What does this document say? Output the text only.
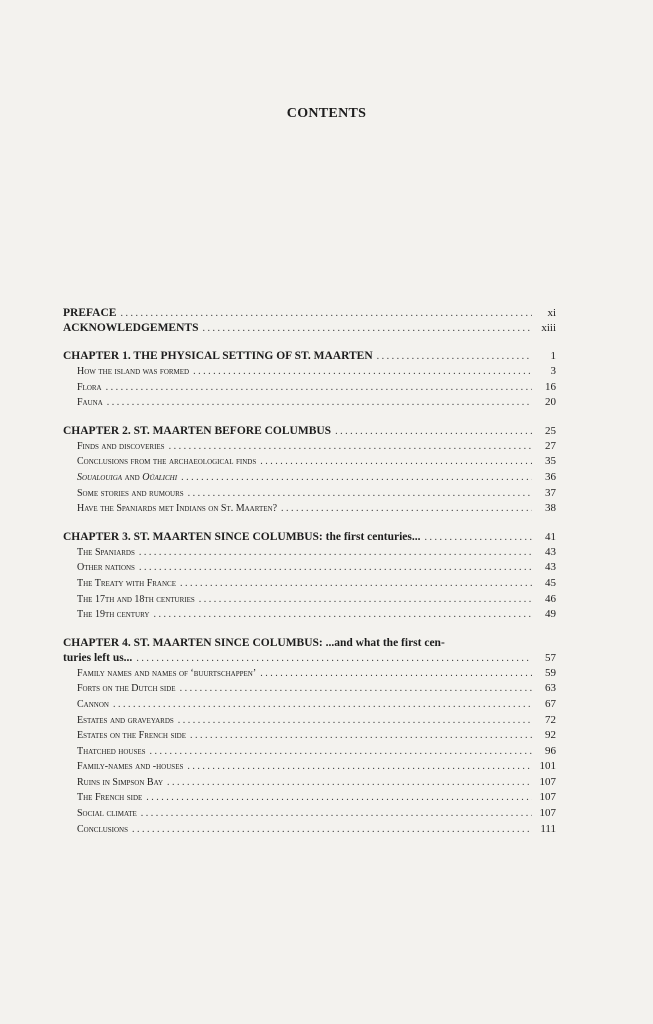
CONTENTS
PREFACE . . .	xi
ACKNOWLEDGEMENTS . . .	xiii
CHAPTER 1. THE PHYSICAL SETTING OF ST. MAARTEN . . .	1
How the island was formed . . .	3
Flora . . .	16
Fauna . . .	20
CHAPTER 2. ST. MAARTEN BEFORE COLUMBUS . . .	25
Finds and discoveries . . .	27
Conclusions from the archaeological finds . . .	35
Soualouiga and Oüalichi . . .	36
Some stories and rumours . . .	37
Have the Spaniards met Indians on St. Maarten? . . .	38
CHAPTER 3. ST. MAARTEN SINCE COLUMBUS: the first centuries... . . .	41
The Spaniards . . .	43
Other nations . . .	43
The Treaty with France . . .	45
The 17th and 18th centuries . . .	46
The 19th century . . .	49
CHAPTER 4. ST. MAARTEN SINCE COLUMBUS: ...and what the first cen-
turies left us... . . .	57
Family names and names of ‘buurtschappen’ . . .	59
Forts on the Dutch side . . .	63
Cannon . . .	67
Estates and graveyards . . .	72
Estates on the French side . . .	92
Thatched houses . . .	96
Family-names and -houses . . .	101
Ruins in Simpson Bay . . .	107
The French side . . .	107
Social climate . . .	107
Conclusions . . .	111
